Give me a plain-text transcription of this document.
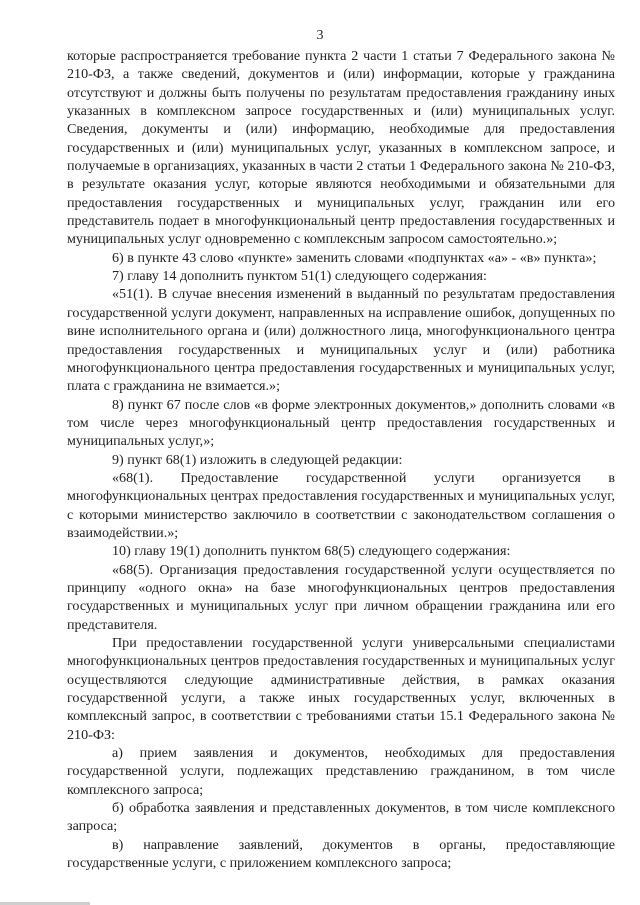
3

которые распространяется требование пункта 2 части 1 статьи 7 Федерального закона № 210-ФЗ, а также сведений, документов и (или) информации, которые у гражданина отсутствуют и должны быть получены по результатам предоставления гражданину иных указанных в комплексном запросе государственных и (или) муниципальных услуг. Сведения, документы и (или) информацию, необходимые для предоставления государственных и (или) муниципальных услуг, указанных в комплексном запросе, и получаемые в организациях, указанных в части 2 статьи 1 Федерального закона № 210-ФЗ, в результате оказания услуг, которые являются необходимыми и обязательными для предоставления государственных и муниципальных услуг, гражданин или его представитель подает в многофункциональный центр предоставления государственных и муниципальных услуг одновременно с комплексным запросом самостоятельно.»;

6) в пункте 43 слово «пункте» заменить словами «подпунктах «а» - «в» пункта»;

7) главу 14 дополнить пунктом 51(1) следующего содержания:

«51(1). В случае внесения изменений в выданный по результатам предоставления государственной услуги документ, направленных на исправление ошибок, допущенных по вине исполнительного органа и (или) должностного лица, многофункционального центра предоставления государственных и муниципальных услуг и (или) работника многофункционального центра предоставления государственных и муниципальных услуг, плата с гражданина не взимается.»;

8) пункт 67 после слов «в форме электронных документов,» дополнить словами «в том числе через многофункциональный центр предоставления государственных и муниципальных услуг,»;

9) пункт 68(1) изложить в следующей редакции:

«68(1). Предоставление государственной услуги организуется в многофункциональных центрах предоставления государственных и муниципальных услуг, с которыми министерство заключило в соответствии с законодательством соглашения о взаимодействии.»;

10) главу 19(1) дополнить пунктом 68(5) следующего содержания:

«68(5). Организация предоставления государственной услуги осуществляется по принципу «одного окна» на базе многофункциональных центров предоставления государственных и муниципальных услуг при личном обращении гражданина или его представителя.

При предоставлении государственной услуги универсальными специалистами многофункциональных центров предоставления государственных и муниципальных услуг осуществляются следующие административные действия, в рамках оказания государственной услуги, а также иных государственных услуг, включенных в комплексный запрос, в соответствии с требованиями статьи 15.1 Федерального закона № 210-ФЗ:

а) прием заявления и документов, необходимых для предоставления государственной услуги, подлежащих представлению гражданином, в том числе комплексного запроса;

б) обработка заявления и представленных документов, в том числе комплексного запроса;

в) направление заявлений, документов в органы, предоставляющие государственные услуги, с приложением комплексного запроса;
